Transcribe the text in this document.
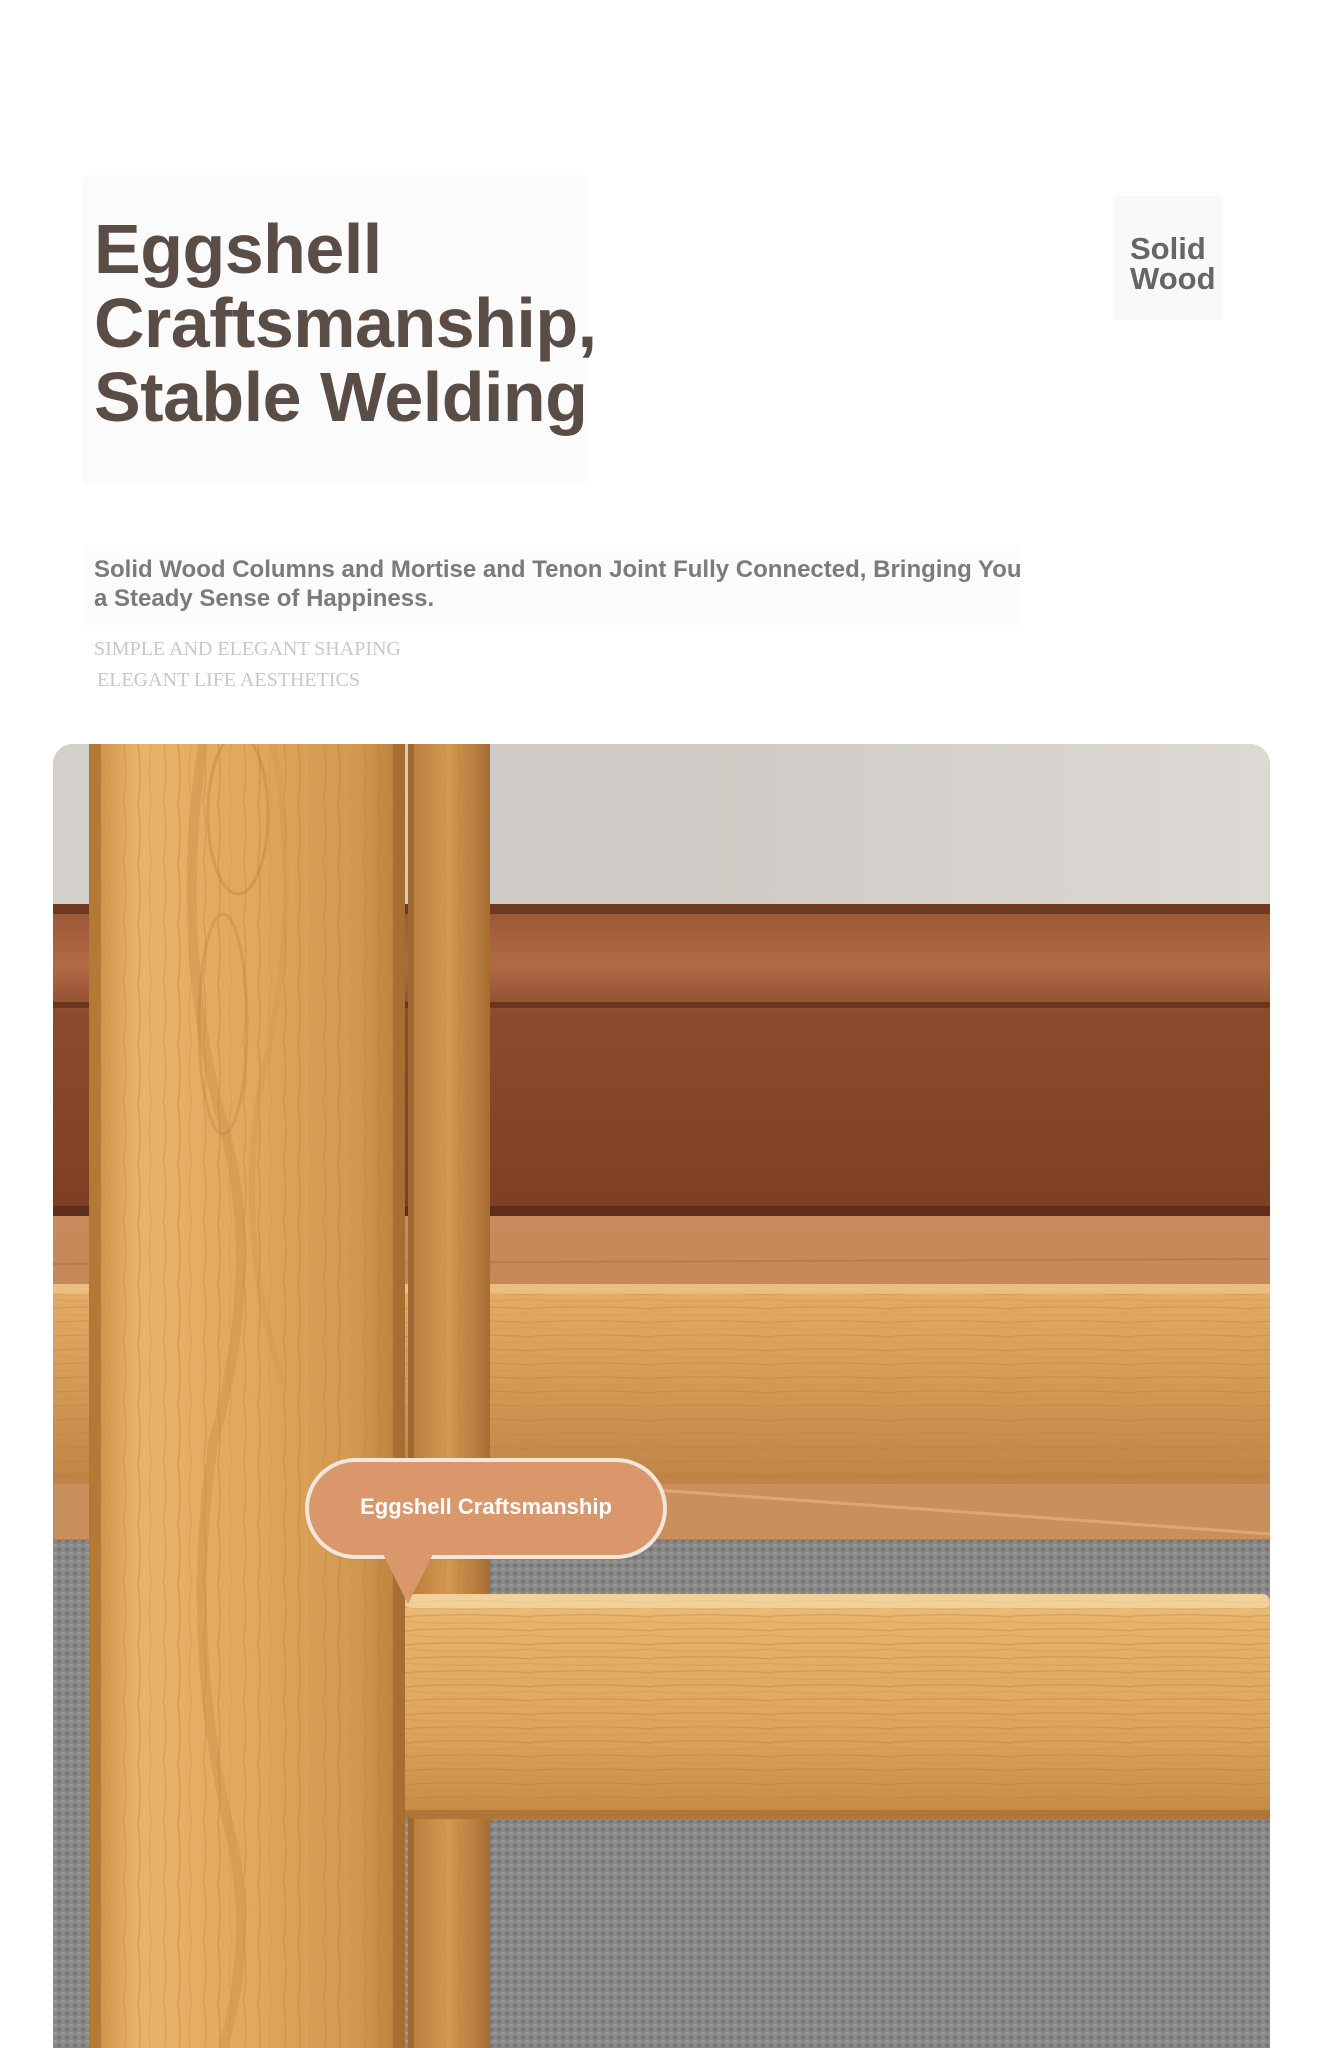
Eggshell
Craftsmanship,
Stable Welding

Solid
Wood

Solid Wood Columns and Mortise and Tenon Joint Fully Connected, Bringing You a Steady Sense of Happiness.

SIMPLE AND ELEGANT SHAPING
ELEGANT LIFE AESTHETICS

Eggshell Craftsmanship
